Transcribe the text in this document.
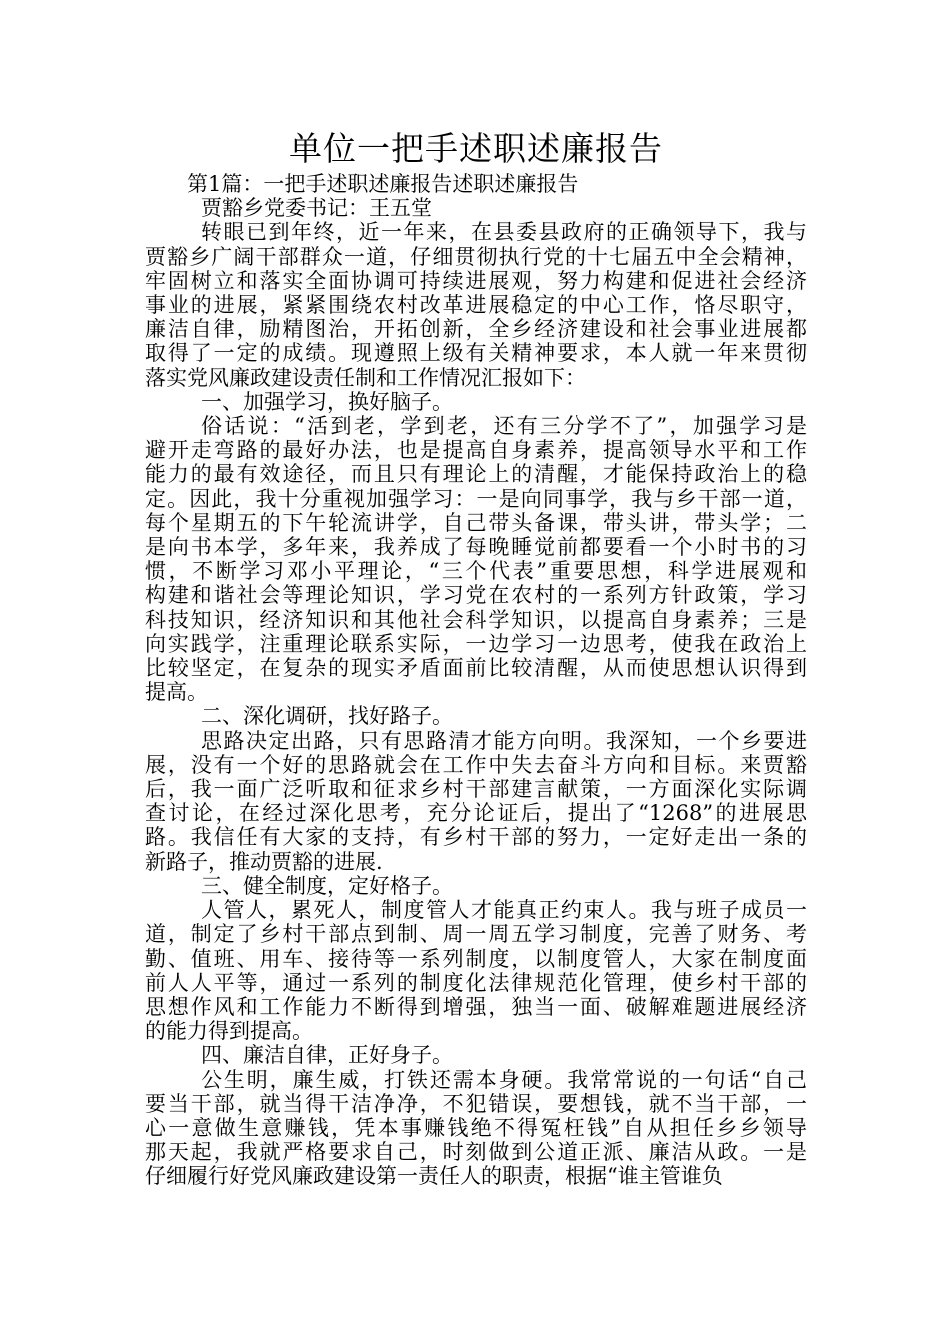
单位一把手述职述廉报告

第1篇：一把手述职述廉报告述职述廉报告

贾豁乡党委书记：王五堂

转眼已到年终，近一年来，在县委县政府的正确领导下，我与

贾豁乡广阔干部群众一道，仔细贯彻执行党的十七届五中全会精神，

牢固树立和落实全面协调可持续进展观，努力构建和促进社会经济

事业的进展，紧紧围绕农村改革进展稳定的中心工作，恪尽职守，

廉洁自律，励精图治，开拓创新，全乡经济建设和社会事业进展都

取得了一定的成绩。现遵照上级有关精神要求，本人就一年来贯彻

落实党风廉政建设责任制和工作情况汇报如下：

一、加强学习，换好脑子。

俗话说：“活到老，学到老，还有三分学不了”，加强学习是

避开走弯路的最好办法，也是提高自身素养，提高领导水平和工作

能力的最有效途径，而且只有理论上的清醒，才能保持政治上的稳

定。因此，我十分重视加强学习：一是向同事学，我与乡干部一道，

每个星期五的下午轮流讲学，自己带头备课，带头讲，带头学；二

是向书本学，多年来，我养成了每晚睡觉前都要看一个小时书的习

惯，不断学习邓小平理论，“三个代表”重要思想，科学进展观和

构建和谐社会等理论知识，学习党在农村的一系列方针政策，学习

科技知识，经济知识和其他社会科学知识，以提高自身素养；三是

向实践学，注重理论联系实际，一边学习一边思考，使我在政治上

比较坚定，在复杂的现实矛盾面前比较清醒，从而使思想认识得到

提高。

二、深化调研，找好路子。

思路决定出路，只有思路清才能方向明。我深知，一个乡要进

展，没有一个好的思路就会在工作中失去奋斗方向和目标。来贾豁

后，我一面广泛听取和征求乡村干部建言献策，一方面深化实际调

查讨论，在经过深化思考，充分论证后，提出了“1268”的进展思

路。我信任有大家的支持，有乡村干部的努力，一定好走出一条的

新路子，推动贾豁的进展.

三、健全制度，定好格子。

人管人，累死人，制度管人才能真正约束人。我与班子成员一

道，制定了乡村干部点到制、周一周五学习制度，完善了财务、考

勤、值班、用车、接待等一系列制度，以制度管人，大家在制度面

前人人平等，通过一系列的制度化法律规范化管理，使乡村干部的

思想作风和工作能力不断得到增强，独当一面、破解难题进展经济

的能力得到提高。

四、廉洁自律，正好身子。

公生明，廉生威，打铁还需本身硬。我常常说的一句话“自己

要当干部，就当得干洁净净，不犯错误，要想钱，就不当干部，一

心一意做生意赚钱，凭本事赚钱绝不得冤枉钱”自从担任乡乡领导

那天起，我就严格要求自己，时刻做到公道正派、廉洁从政。一是

仔细履行好党风廉政建设第一责任人的职责，根据“谁主管谁负
